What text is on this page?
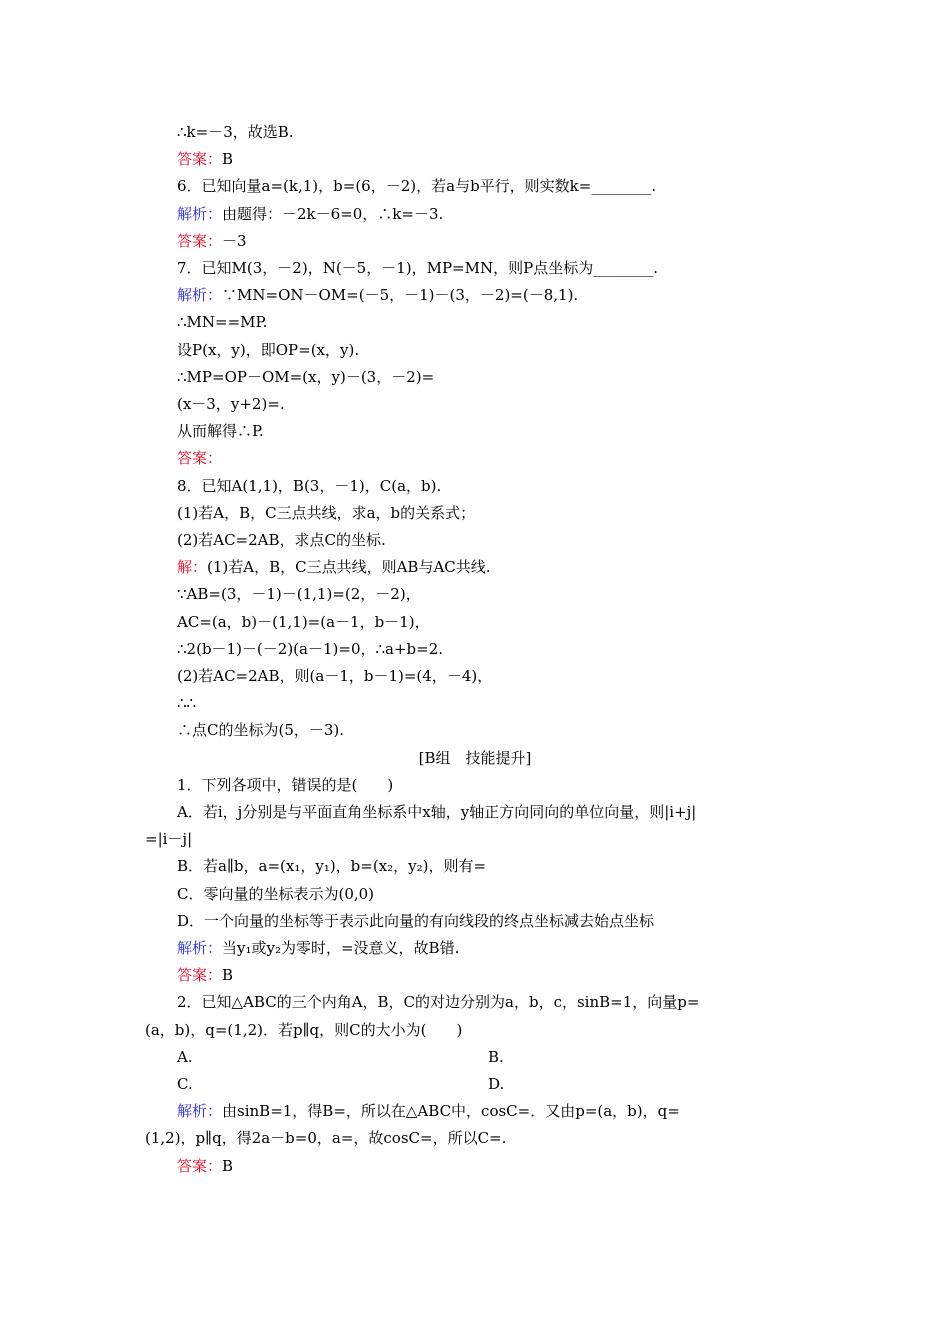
∴k=－3，故选B.
答案：B
6．已知向量a=(k,1)，b=(6，－2)，若a与b平行，则实数k=________.
解析：由题得：－2k－6=0，∴k=－3.
答案：－3
7．已知M(3，－2)，N(－5，－1)，MP=MN，则P点坐标为________.
解析：∵MN=ON－OM=(－5，－1)－(3，－2)=(－8,1).
∴MN==MP.
设P(x，y)，即OP=(x，y).
∴MP=OP－OM=(x，y)－(3，－2)=
(x－3，y+2)=.
从而解得∴P.
答案：
8．已知A(1,1)，B(3，－1)，C(a，b).
(1)若A，B，C三点共线，求a，b的关系式；
(2)若AC=2AB，求点C的坐标.
解：(1)若A，B，C三点共线，则AB与AC共线.
∵AB=(3，－1)－(1,1)=(2，－2)，
AC=(a，b)－(1,1)=(a－1，b－1)，
∴2(b－1)－(－2)(a－1)=0，∴a+b=2.
(2)若AC=2AB，则(a－1，b－1)=(4，－4)，
∴∴
∴点C的坐标为(5，－3).
[B组　技能提升]
1．下列各项中，错误的是(　　)
A．若i，j分别是与平面直角坐标系中x轴，y轴正方向同向的单位向量，则|i+j|
=|i－j|
B．若a∥b，a=(x₁，y₁)，b=(x₂，y₂)，则有=
C．零向量的坐标表示为(0,0)
D．一个向量的坐标等于表示此向量的有向线段的终点坐标减去始点坐标
解析：当y₁或y₂为零时，=没意义，故B错.
答案：B
2．已知△ABC的三个内角A，B，C的对边分别为a，b，c，sinB=1，向量p=
(a，b)，q=(1,2)．若p∥q，则C的大小为(　　)
A.	B.
C.	D.
解析：由sinB=1，得B=，所以在△ABC中，cosC=．又由p=(a，b)，q=
(1,2)，p∥q，得2a－b=0，a=，故cosC=，所以C=.
答案：B
